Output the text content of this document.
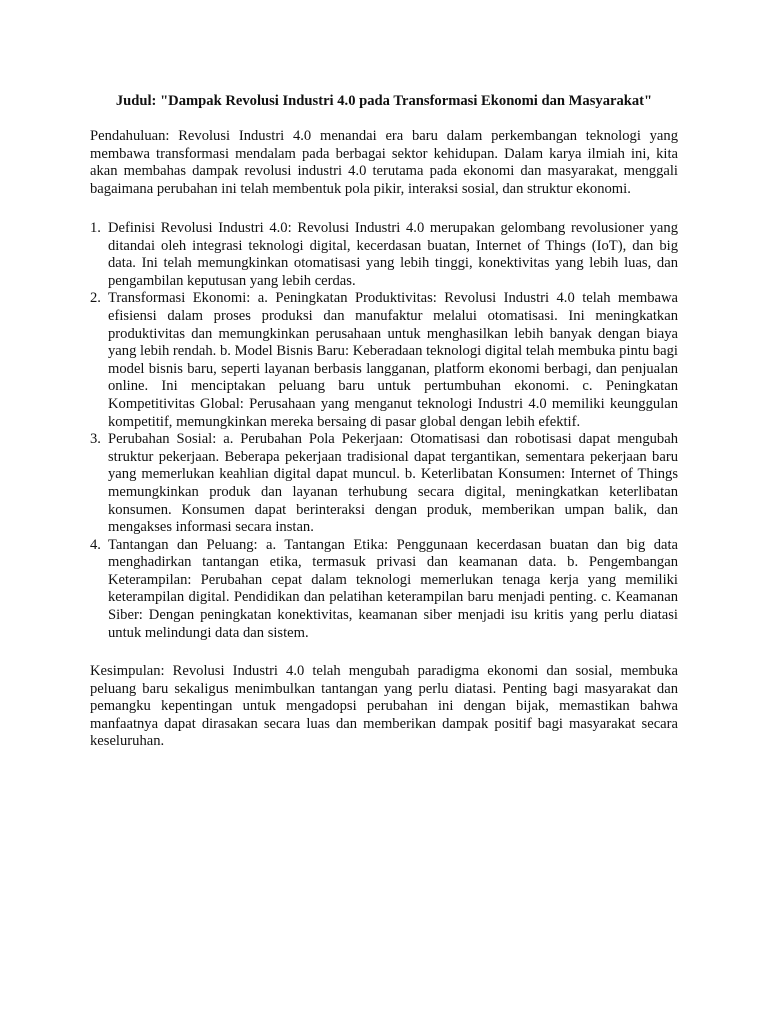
Judul: "Dampak Revolusi Industri 4.0 pada Transformasi Ekonomi dan Masyarakat"

Pendahuluan: Revolusi Industri 4.0 menandai era baru dalam perkembangan teknologi yang membawa transformasi mendalam pada berbagai sektor kehidupan. Dalam karya ilmiah ini, kita akan membahas dampak revolusi industri 4.0 terutama pada ekonomi dan masyarakat, menggali bagaimana perubahan ini telah membentuk pola pikir, interaksi sosial, dan struktur ekonomi.

1. Definisi Revolusi Industri 4.0: Revolusi Industri 4.0 merupakan gelombang revolusioner yang ditandai oleh integrasi teknologi digital, kecerdasan buatan, Internet of Things (IoT), dan big data. Ini telah memungkinkan otomatisasi yang lebih tinggi, konektivitas yang lebih luas, dan pengambilan keputusan yang lebih cerdas.
2. Transformasi Ekonomi: a. Peningkatan Produktivitas: Revolusi Industri 4.0 telah membawa efisiensi dalam proses produksi dan manufaktur melalui otomatisasi. Ini meningkatkan produktivitas dan memungkinkan perusahaan untuk menghasilkan lebih banyak dengan biaya yang lebih rendah. b. Model Bisnis Baru: Keberadaan teknologi digital telah membuka pintu bagi model bisnis baru, seperti layanan berbasis langganan, platform ekonomi berbagi, dan penjualan online. Ini menciptakan peluang baru untuk pertumbuhan ekonomi. c. Peningkatan Kompetitivitas Global: Perusahaan yang menganut teknologi Industri 4.0 memiliki keunggulan kompetitif, memungkinkan mereka bersaing di pasar global dengan lebih efektif.
3. Perubahan Sosial: a. Perubahan Pola Pekerjaan: Otomatisasi dan robotisasi dapat mengubah struktur pekerjaan. Beberapa pekerjaan tradisional dapat tergantikan, sementara pekerjaan baru yang memerlukan keahlian digital dapat muncul. b. Keterlibatan Konsumen: Internet of Things memungkinkan produk dan layanan terhubung secara digital, meningkatkan keterlibatan konsumen. Konsumen dapat berinteraksi dengan produk, memberikan umpan balik, dan mengakses informasi secara instan.
4. Tantangan dan Peluang: a. Tantangan Etika: Penggunaan kecerdasan buatan dan big data menghadirkan tantangan etika, termasuk privasi dan keamanan data. b. Pengembangan Keterampilan: Perubahan cepat dalam teknologi memerlukan tenaga kerja yang memiliki keterampilan digital. Pendidikan dan pelatihan keterampilan baru menjadi penting. c. Keamanan Siber: Dengan peningkatan konektivitas, keamanan siber menjadi isu kritis yang perlu diatasi untuk melindungi data dan sistem.

Kesimpulan: Revolusi Industri 4.0 telah mengubah paradigma ekonomi dan sosial, membuka peluang baru sekaligus menimbulkan tantangan yang perlu diatasi. Penting bagi masyarakat dan pemangku kepentingan untuk mengadopsi perubahan ini dengan bijak, memastikan bahwa manfaatnya dapat dirasakan secara luas dan memberikan dampak positif bagi masyarakat secara keseluruhan.
